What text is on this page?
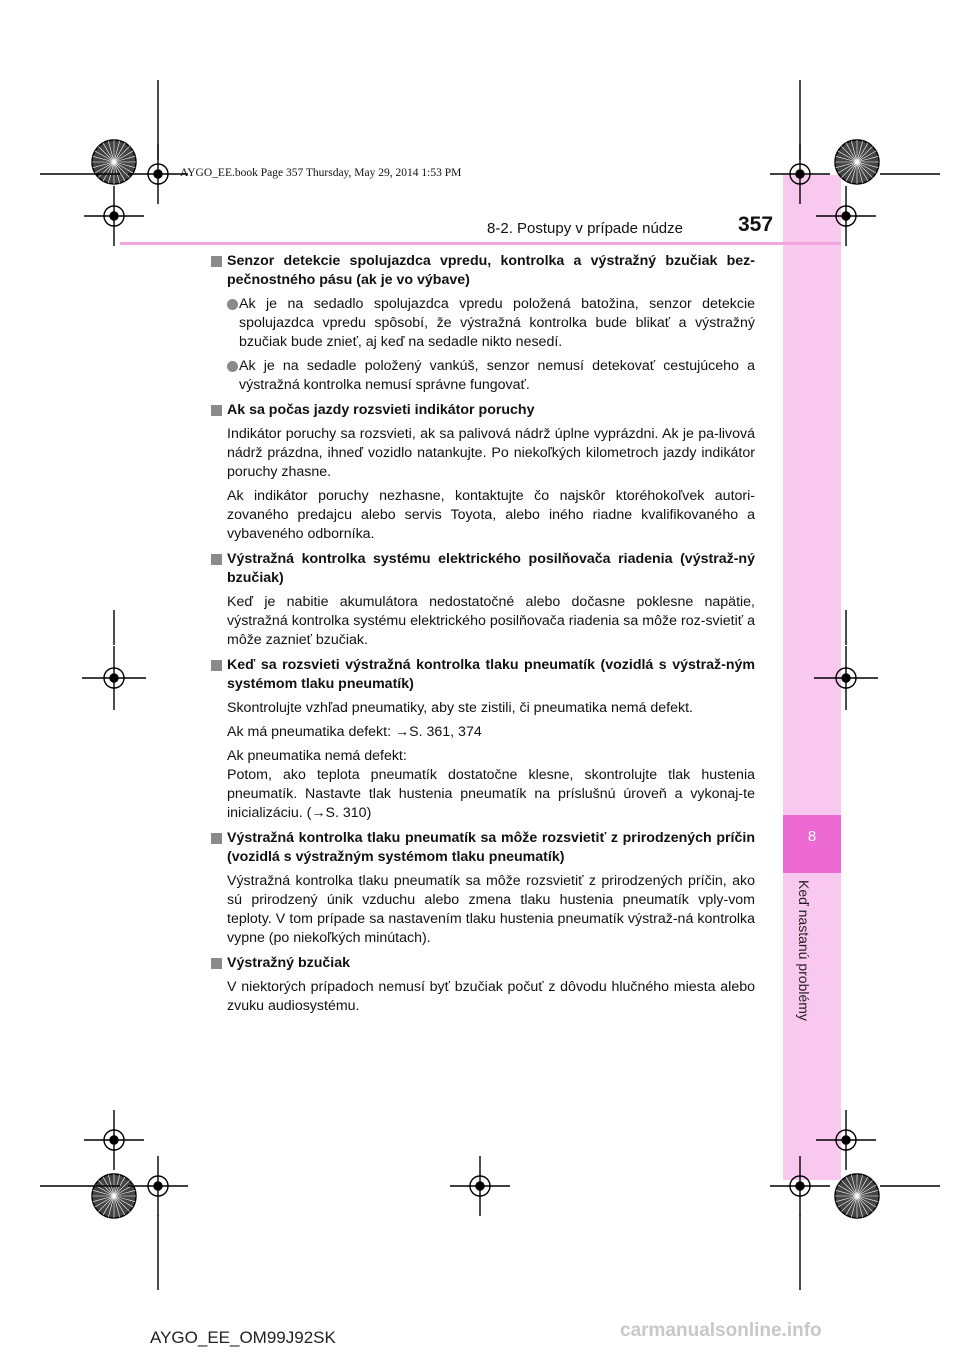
8
Keď nastanú problémy
AYGO_EE.book Page 357 Thursday, May 29, 2014 1:53 PM
8-2. Postupy v prípade núdze	357
Senzor detekcie spolujazdca vpredu, kontrolka a výstražný bzučiak bez-pečnostného pásu (ak je vo výbave)
Ak je na sedadlo spolujazdca vpredu položená batožina, senzor detekcie spolujazdca vpredu spôsobí, že výstražná kontrolka bude blikať a výstražný bzučiak bude znieť, aj keď na sedadle nikto nesedí.
Ak je na sedadle položený vankúš, senzor nemusí detekovať cestujúceho a výstražná kontrolka nemusí správne fungovať.
Ak sa počas jazdy rozsvieti indikátor poruchy
Indikátor poruchy sa rozsvieti, ak sa palivová nádrž úplne vyprázdni. Ak je pa-livová nádrž prázdna, ihneď vozidlo natankujte. Po niekoľkých kilometroch jazdy indikátor poruchy zhasne.
Ak indikátor poruchy nezhasne, kontaktujte čo najskôr ktoréhokoľvek autori-zovaného predajcu alebo servis Toyota, alebo iného riadne kvalifikovaného a vybaveného odborníka.
Výstražná kontrolka systému elektrického posilňovača riadenia (výstraž-ný bzučiak)
Keď je nabitie akumulátora nedostatočné alebo dočasne poklesne napätie, výstražná kontrolka systému elektrického posilňovača riadenia sa môže roz-svietiť a môže zaznieť bzučiak.
Keď sa rozsvieti výstražná kontrolka tlaku pneumatík (vozidlá s výstraž-ným systémom tlaku pneumatík)
Skontrolujte vzhľad pneumatiky, aby ste zistili, či pneumatika nemá defekt.
Ak má pneumatika defekt: →S. 361, 374
Ak pneumatika nemá defekt:
Potom, ako teplota pneumatík dostatočne klesne, skontrolujte tlak hustenia pneumatík. Nastavte tlak hustenia pneumatík na príslušnú úroveň a vykonaj-te inicializáciu. (→S. 310)
Výstražná kontrolka tlaku pneumatík sa môže rozsvietiť z prirodzených príčin (vozidlá s výstražným systémom tlaku pneumatík)
Výstražná kontrolka tlaku pneumatík sa môže rozsvietiť z prirodzených príčin, ako sú prirodzený únik vzduchu alebo zmena tlaku hustenia pneumatík vply-vom teploty. V tom prípade sa nastavením tlaku hustenia pneumatík výstraž-ná kontrolka vypne (po niekoľkých minútach).
Výstražný bzučiak
V niektorých prípadoch nemusí byť bzučiak počuť z dôvodu hlučného miesta alebo zvuku audiosystému.
AYGO_EE_OM99J92SK	carmanualsonline.info
